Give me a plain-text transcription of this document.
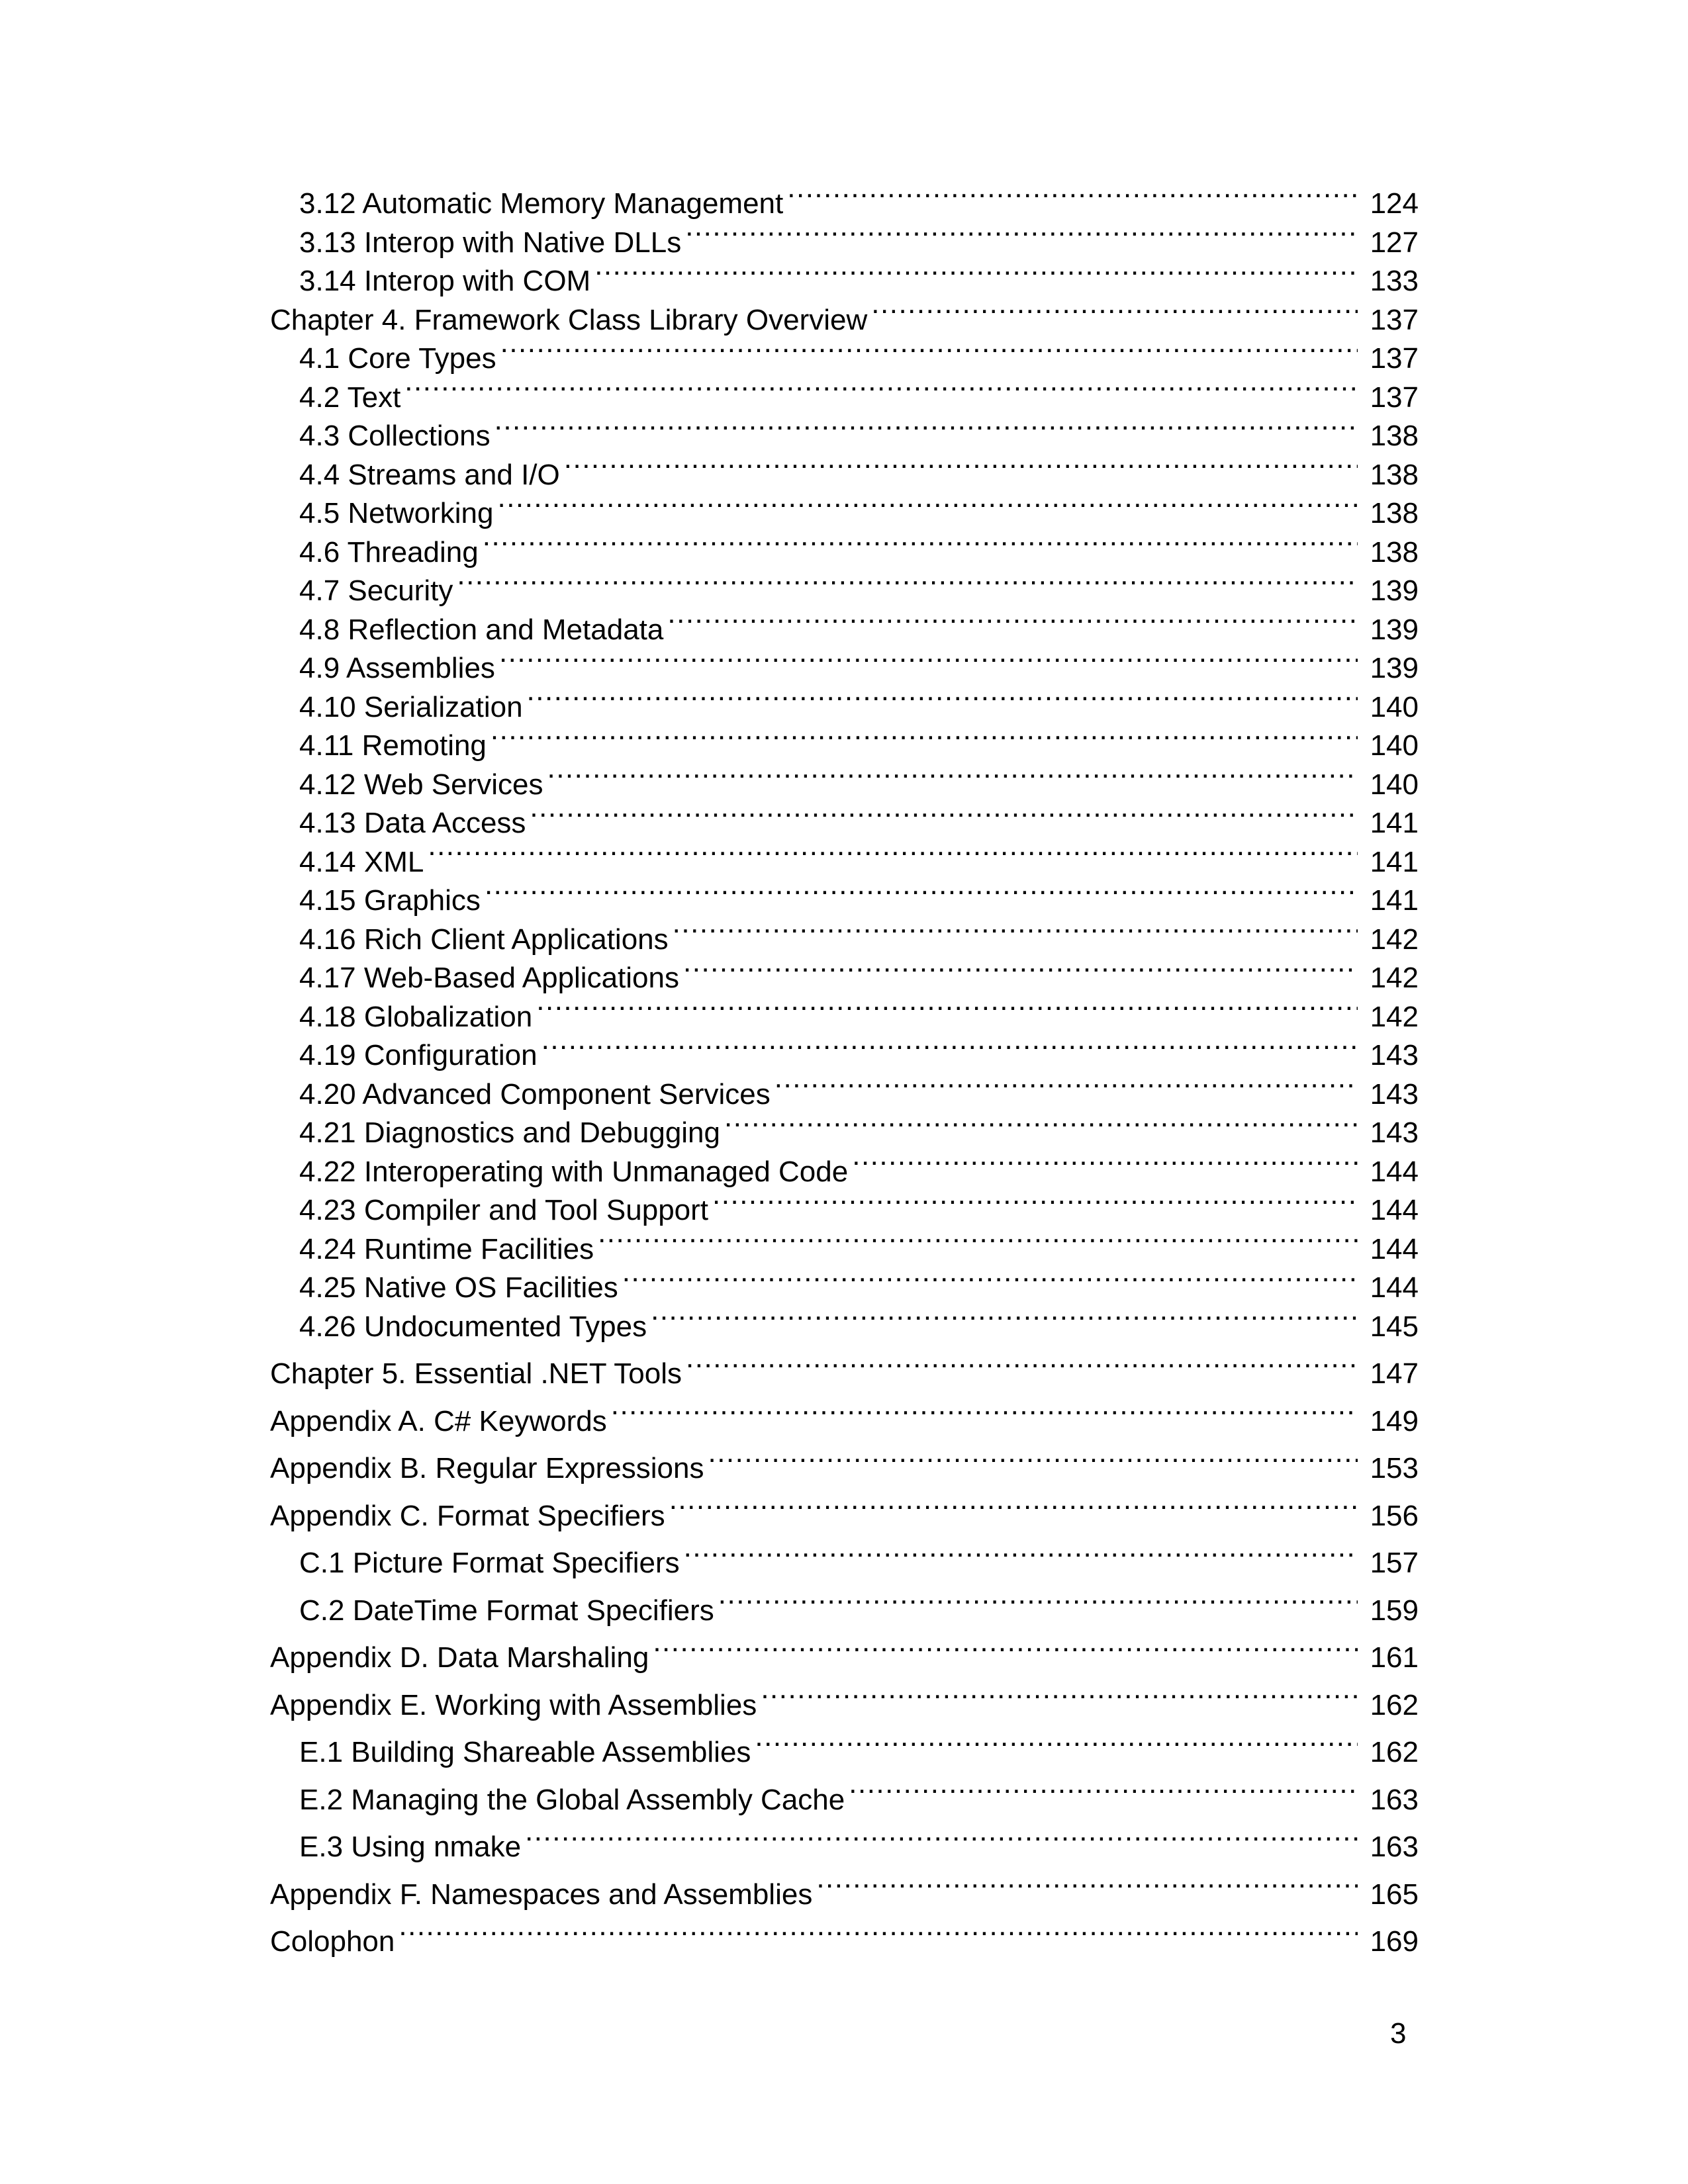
3.12 Automatic Memory Management .....	124
3.13 Interop with Native DLLs .....	127
3.14 Interop with COM .....	133
Chapter 4. Framework Class Library Overview .....	137
4.1 Core Types .....	137
4.2 Text .....	137
4.3 Collections .....	138
4.4 Streams and I/O .....	138
4.5 Networking .....	138
4.6 Threading .....	138
4.7 Security .....	139
4.8 Reflection and Metadata .....	139
4.9 Assemblies .....	139
4.10 Serialization .....	140
4.11 Remoting .....	140
4.12 Web Services .....	140
4.13 Data Access .....	141
4.14 XML .....	141
4.15 Graphics .....	141
4.16 Rich Client Applications .....	142
4.17 Web-Based Applications .....	142
4.18 Globalization .....	142
4.19 Configuration .....	143
4.20 Advanced Component Services .....	143
4.21 Diagnostics and Debugging .....	143
4.22 Interoperating with Unmanaged Code .....	144
4.23 Compiler and Tool Support .....	144
4.24 Runtime Facilities .....	144
4.25 Native OS Facilities .....	144
4.26 Undocumented Types .....	145
Chapter 5. Essential .NET Tools .....	147
Appendix A. C# Keywords .....	149
Appendix B. Regular Expressions .....	153
Appendix C. Format Specifiers .....	156
C.1 Picture Format Specifiers .....	157
C.2 DateTime Format Specifiers .....	159
Appendix D. Data Marshaling .....	161
Appendix E. Working with Assemblies .....	162
E.1 Building Shareable Assemblies .....	162
E.2 Managing the Global Assembly Cache .....	163
E.3 Using nmake .....	163
Appendix F. Namespaces and Assemblies .....	165
Colophon .....	169
3
